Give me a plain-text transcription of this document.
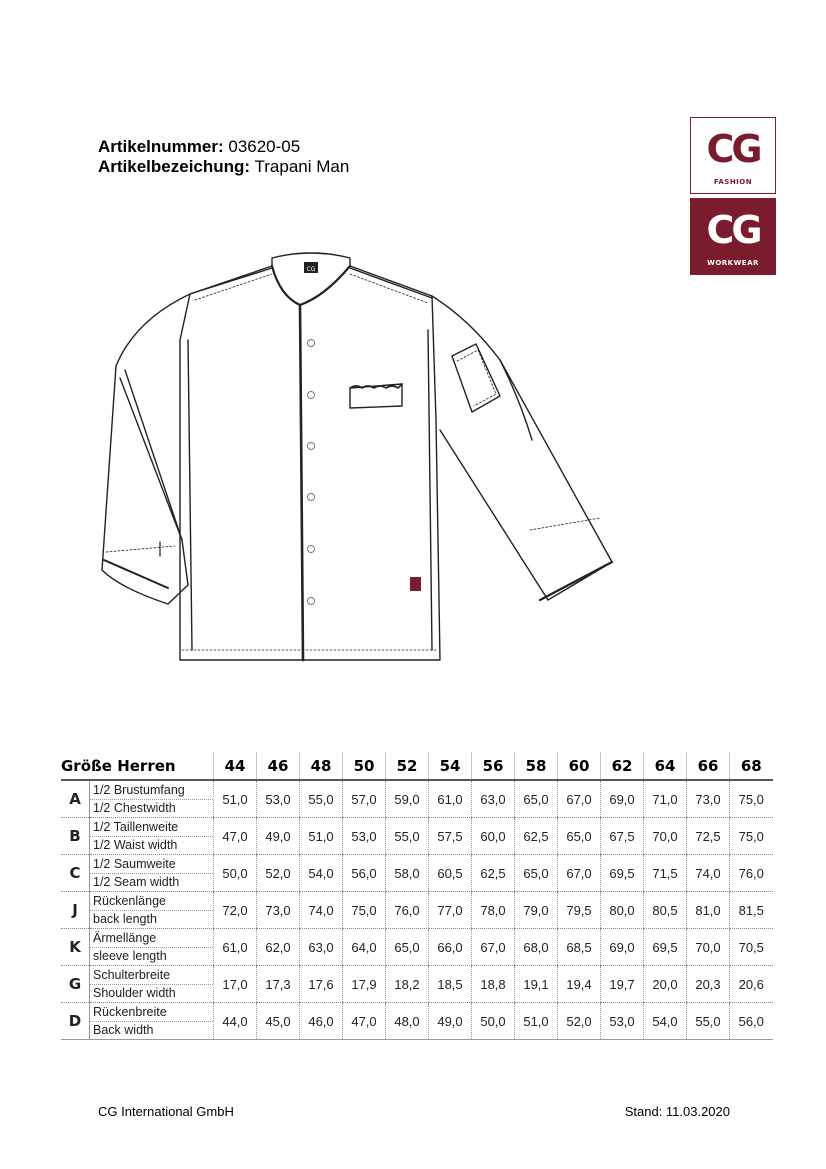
Artikelnummer: 03620-05
Artikelbezeichung: Trapani Man	CG
FASHION
CG
WORKWEAR
CG
Größe Herren		44	46	48	50	52	54	56	58	60	62	64	66	68
A	1/2 Brustumfang
1/2 Chestwidth	51,0	53,0	55,0	57,0	59,0	61,0	63,0	65,0	67,0	69,0	71,0	73,0	75,0
B	1/2 Taillenweite
1/2 Waist width	47,0	49,0	51,0	53,0	55,0	57,5	60,0	62,5	65,0	67,5	70,0	72,5	75,0
C	1/2 Saumweite
1/2 Seam width	50,0	52,0	54,0	56,0	58,0	60,5	62,5	65,0	67,0	69,5	71,5	74,0	76,0
J	Rückenlänge
back length	72,0	73,0	74,0	75,0	76,0	77,0	78,0	79,0	79,5	80,0	80,5	81,0	81,5
K	Ärmellänge
sleeve length	61,0	62,0	63,0	64,0	65,0	66,0	67,0	68,0	68,5	69,0	69,5	70,0	70,5
G	Schulterbreite
Shoulder width	17,0	17,3	17,6	17,9	18,2	18,5	18,8	19,1	19,4	19,7	20,0	20,3	20,6
D	Rückenbreite
Back width	44,0	45,0	46,0	47,0	48,0	49,0	50,0	51,0	52,0	53,0	54,0	55,0	56,0
CG International GmbH	Stand: 11.03.2020
